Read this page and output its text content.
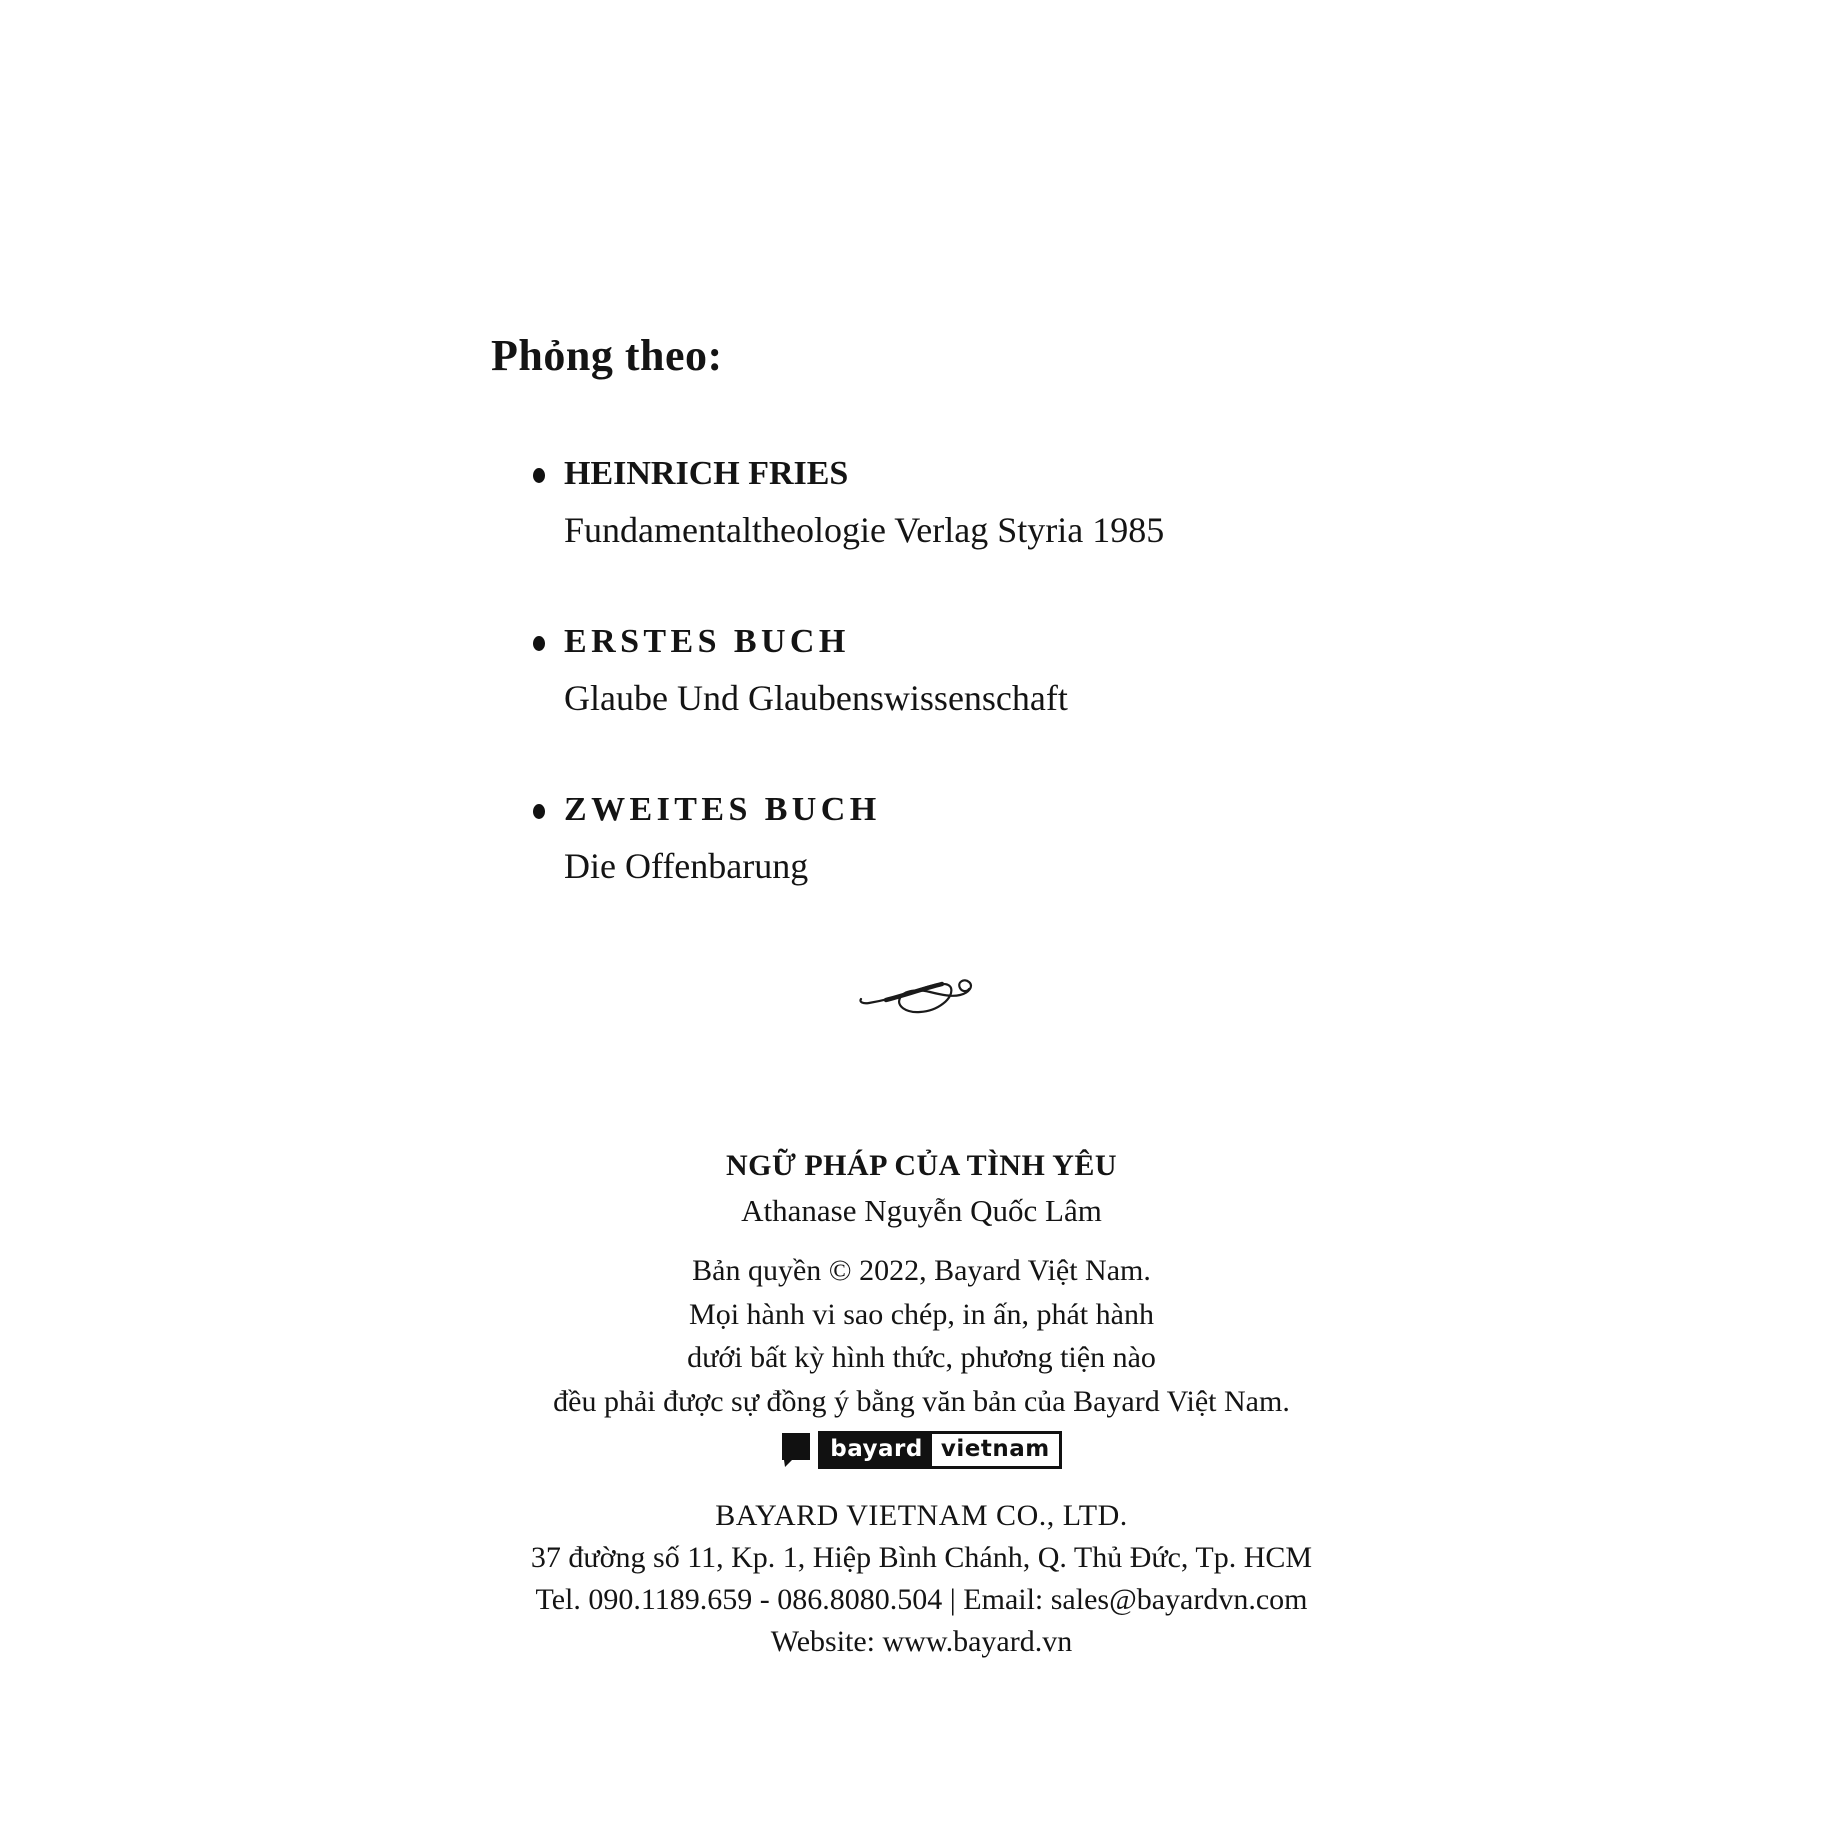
Phỏng theo:
HEINRICH FRIES
Fundamentaltheologie Verlag Styria 1985
ERSTES BUCH
Glaube Und Glaubenswissenschaft
ZWEITES BUCH
Die Offenbarung
NGỮ PHÁP CỦA TÌNH YÊU
Athanase Nguyễn Quốc Lâm
Bản quyền © 2022, Bayard Việt Nam.
Mọi hành vi sao chép, in ấn, phát hành
dưới bất kỳ hình thức, phương tiện nào
đều phải được sự đồng ý bằng văn bản của Bayard Việt Nam.
bayard vietnam
BAYARD VIETNAM CO., LTD.
37 đường số 11, Kp. 1, Hiệp Bình Chánh, Q. Thủ Đức, Tp. HCM
Tel. 090.1189.659 - 086.8080.504 | Email: sales@bayardvn.com
Website: www.bayard.vn
